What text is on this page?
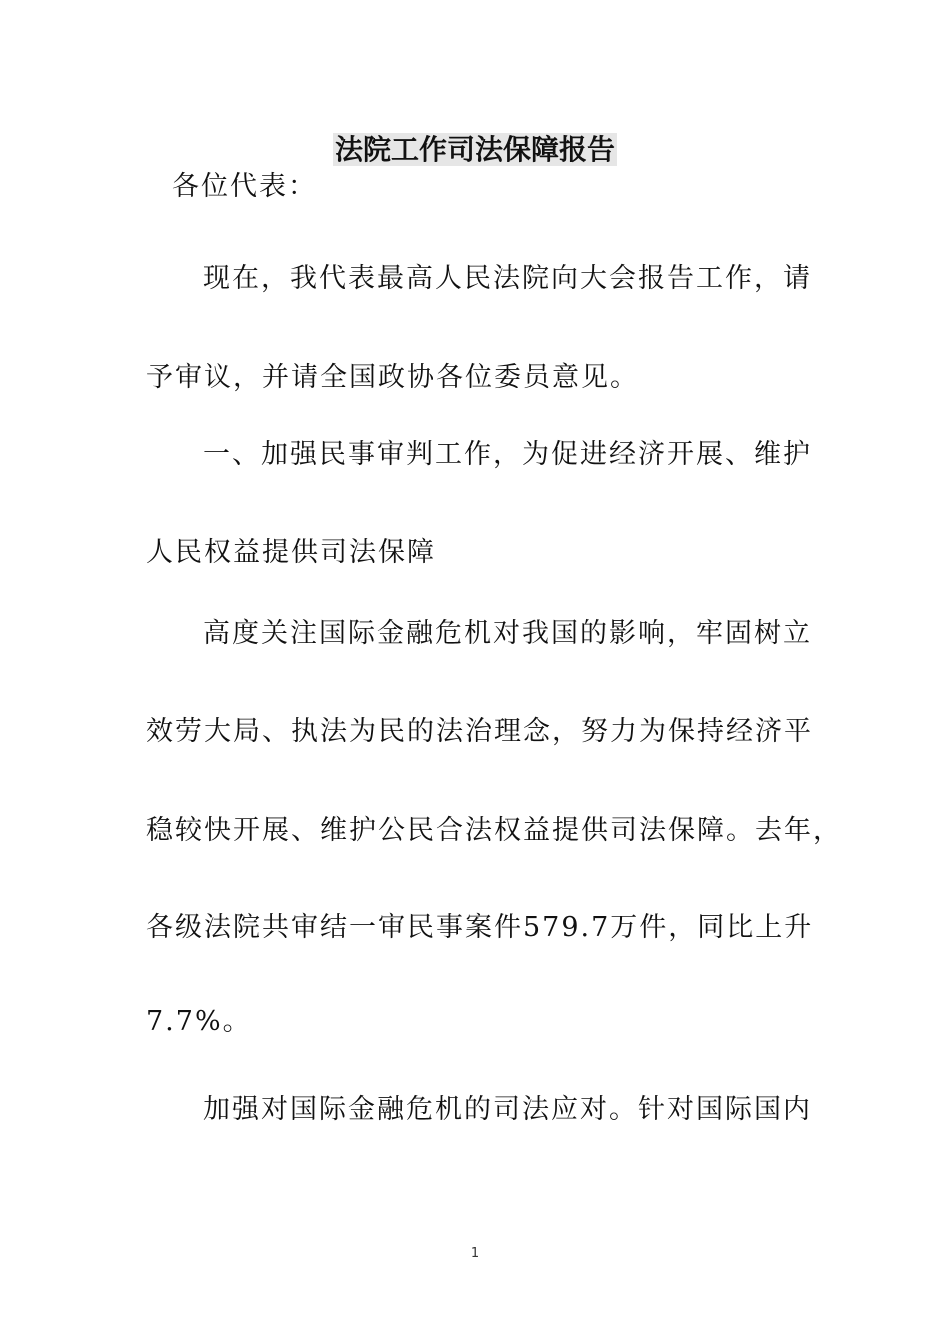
法院工作司法保障报告
各位代表：
现在，我代表最高人民法院向大会报告工作，请
予审议，并请全国政协各位委员意见。
一、加强民事审判工作，为促进经济开展、维护
人民权益提供司法保障
高度关注国际金融危机对我国的影响，牢固树立
效劳大局、执法为民的法治理念，努力为保持经济平
稳较快开展、维护公民合法权益提供司法保障。去年，
各级法院共审结一审民事案件579.7万件，同比上升
7.7%。
加强对国际金融危机的司法应对。针对国际国内
1
